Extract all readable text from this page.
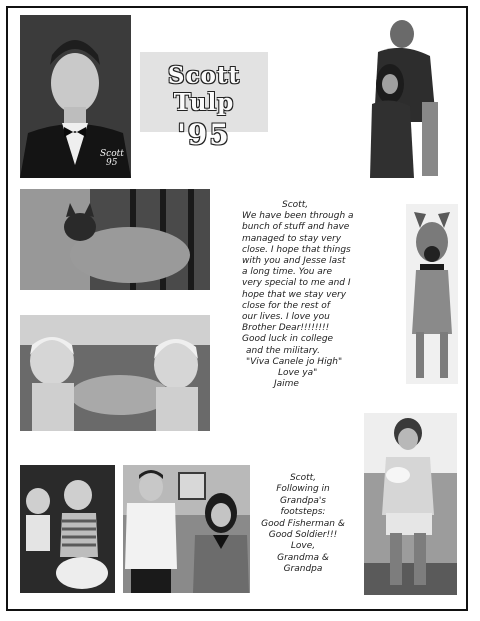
Scott
95
Scott Tulp
'95

Scott,

We have been through a

bunch of stuff and have

managed to stay very

close. I hope that things

with you and Jesse last

a long time. You are

very special to me and I

hope that we stay very

close for the rest of

our lives. I love you

Brother Dear!!!!!!!!

Good luck in college

and the military.

"Viva Canele jo High"

Love ya"

Jaime

Scott,

Following in

Grandpa's

footsteps:

Good Fisherman &

Good Soldier!!!

Love,

Grandma &

Grandpa
